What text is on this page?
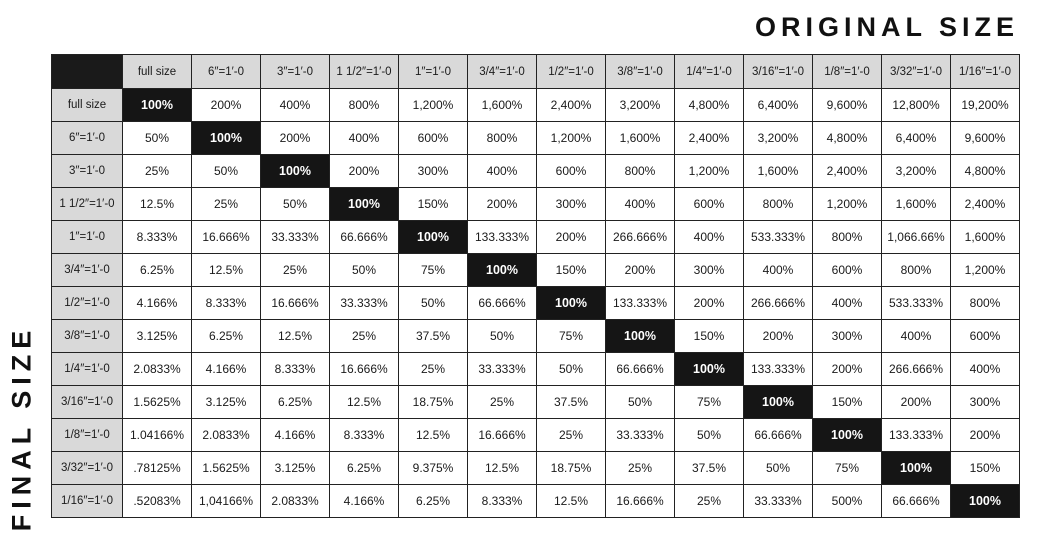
ORIGINAL SIZE
FINAL SIZE
	full size	6″=1′-0	3″=1′-0	1 1/2″=1′-0	1″=1′-0	3/4″=1′-0	1/2″=1′-0	3/8″=1′-0	1/4″=1′-0	3/16″=1′-0	1/8″=1′-0	3/32″=1′-0	1/16″=1′-0
full size	100%	200%	400%	800%	1,200%	1,600%	2,400%	3,200%	4,800%	6,400%	9,600%	12,800%	19,200%
6″=1′-0	50%	100%	200%	400%	600%	800%	1,200%	1,600%	2,400%	3,200%	4,800%	6,400%	9,600%
3″=1′-0	25%	50%	100%	200%	300%	400%	600%	800%	1,200%	1,600%	2,400%	3,200%	4,800%
1 1/2″=1′-0	12.5%	25%	50%	100%	150%	200%	300%	400%	600%	800%	1,200%	1,600%	2,400%
1″=1′-0	8.333%	16.666%	33.333%	66.666%	100%	133.333%	200%	266.666%	400%	533.333%	800%	1,066.66%	1,600%
3/4″=1′-0	6.25%	12.5%	25%	50%	75%	100%	150%	200%	300%	400%	600%	800%	1,200%
1/2″=1′-0	4.166%	8.333%	16.666%	33.333%	50%	66.666%	100%	133.333%	200%	266.666%	400%	533.333%	800%
3/8″=1′-0	3.125%	6.25%	12.5%	25%	37.5%	50%	75%	100%	150%	200%	300%	400%	600%
1/4″=1′-0	2.0833%	4.166%	8.333%	16.666%	25%	33.333%	50%	66.666%	100%	133.333%	200%	266.666%	400%
3/16″=1′-0	1.5625%	3.125%	6.25%	12.5%	18.75%	25%	37.5%	50%	75%	100%	150%	200%	300%
1/8″=1′-0	1.04166%	2.0833%	4.166%	8.333%	12.5%	16.666%	25%	33.333%	50%	66.666%	100%	133.333%	200%
3/32″=1′-0	.78125%	1.5625%	3.125%	6.25%	9.375%	12.5%	18.75%	25%	37.5%	50%	75%	100%	150%
1/16″=1′-0	.52083%	1,04166%	2.0833%	4.166%	6.25%	8.333%	12.5%	16.666%	25%	33.333%	500%	66.666%	100%
